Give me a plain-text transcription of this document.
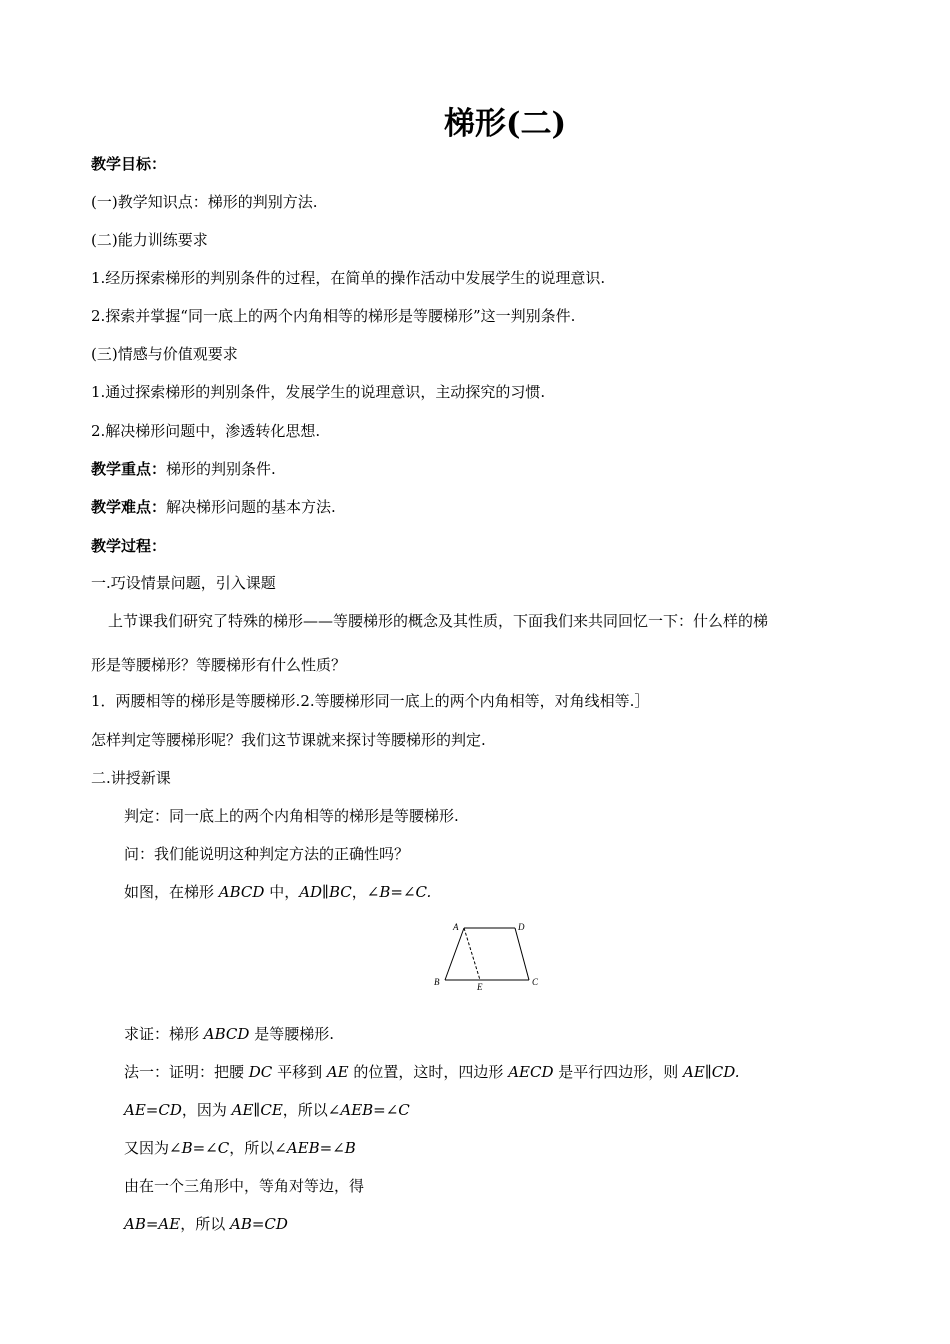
梯形(二)
教学目标：
(一)教学知识点：梯形的判别方法.
(二)能力训练要求
1.经历探索梯形的判别条件的过程，在简单的操作活动中发展学生的说理意识.
2.探索并掌握“同一底上的两个内角相等的梯形是等腰梯形”这一判别条件.
(三)情感与价值观要求
1.通过探索梯形的判别条件，发展学生的说理意识，主动探究的习惯.
2.解决梯形问题中，渗透转化思想.
教学重点：梯形的判别条件.
教学难点：解决梯形问题的基本方法.
教学过程：
一.巧设情景问题，引入课题
上节课我们研究了特殊的梯形——等腰梯形的概念及其性质，下面我们来共同回忆一下：什么样的梯
形是等腰梯形？等腰梯形有什么性质？
1．两腰相等的梯形是等腰梯形.2.等腰梯形同一底上的两个内角相等，对角线相等.］
怎样判定等腰梯形呢？我们这节课就来探讨等腰梯形的判定.
二.讲授新课
判定：同一底上的两个内角相等的梯形是等腰梯形.
问：我们能说明这种判定方法的正确性吗？
如图，在梯形 ABCD 中，AD∥BC，∠B=∠C.
A	D
B	E	C
求证：梯形 ABCD 是等腰梯形.
法一：证明：把腰 DC 平移到 AE 的位置，这时，四边形 AECD 是平行四边形，则 AE∥CD.
AE=CD，因为 AE∥CE，所以∠AEB=∠C
又因为∠B=∠C，所以∠AEB=∠B
由在一个三角形中，等角对等边，得
AB=AE，所以 AB=CD
